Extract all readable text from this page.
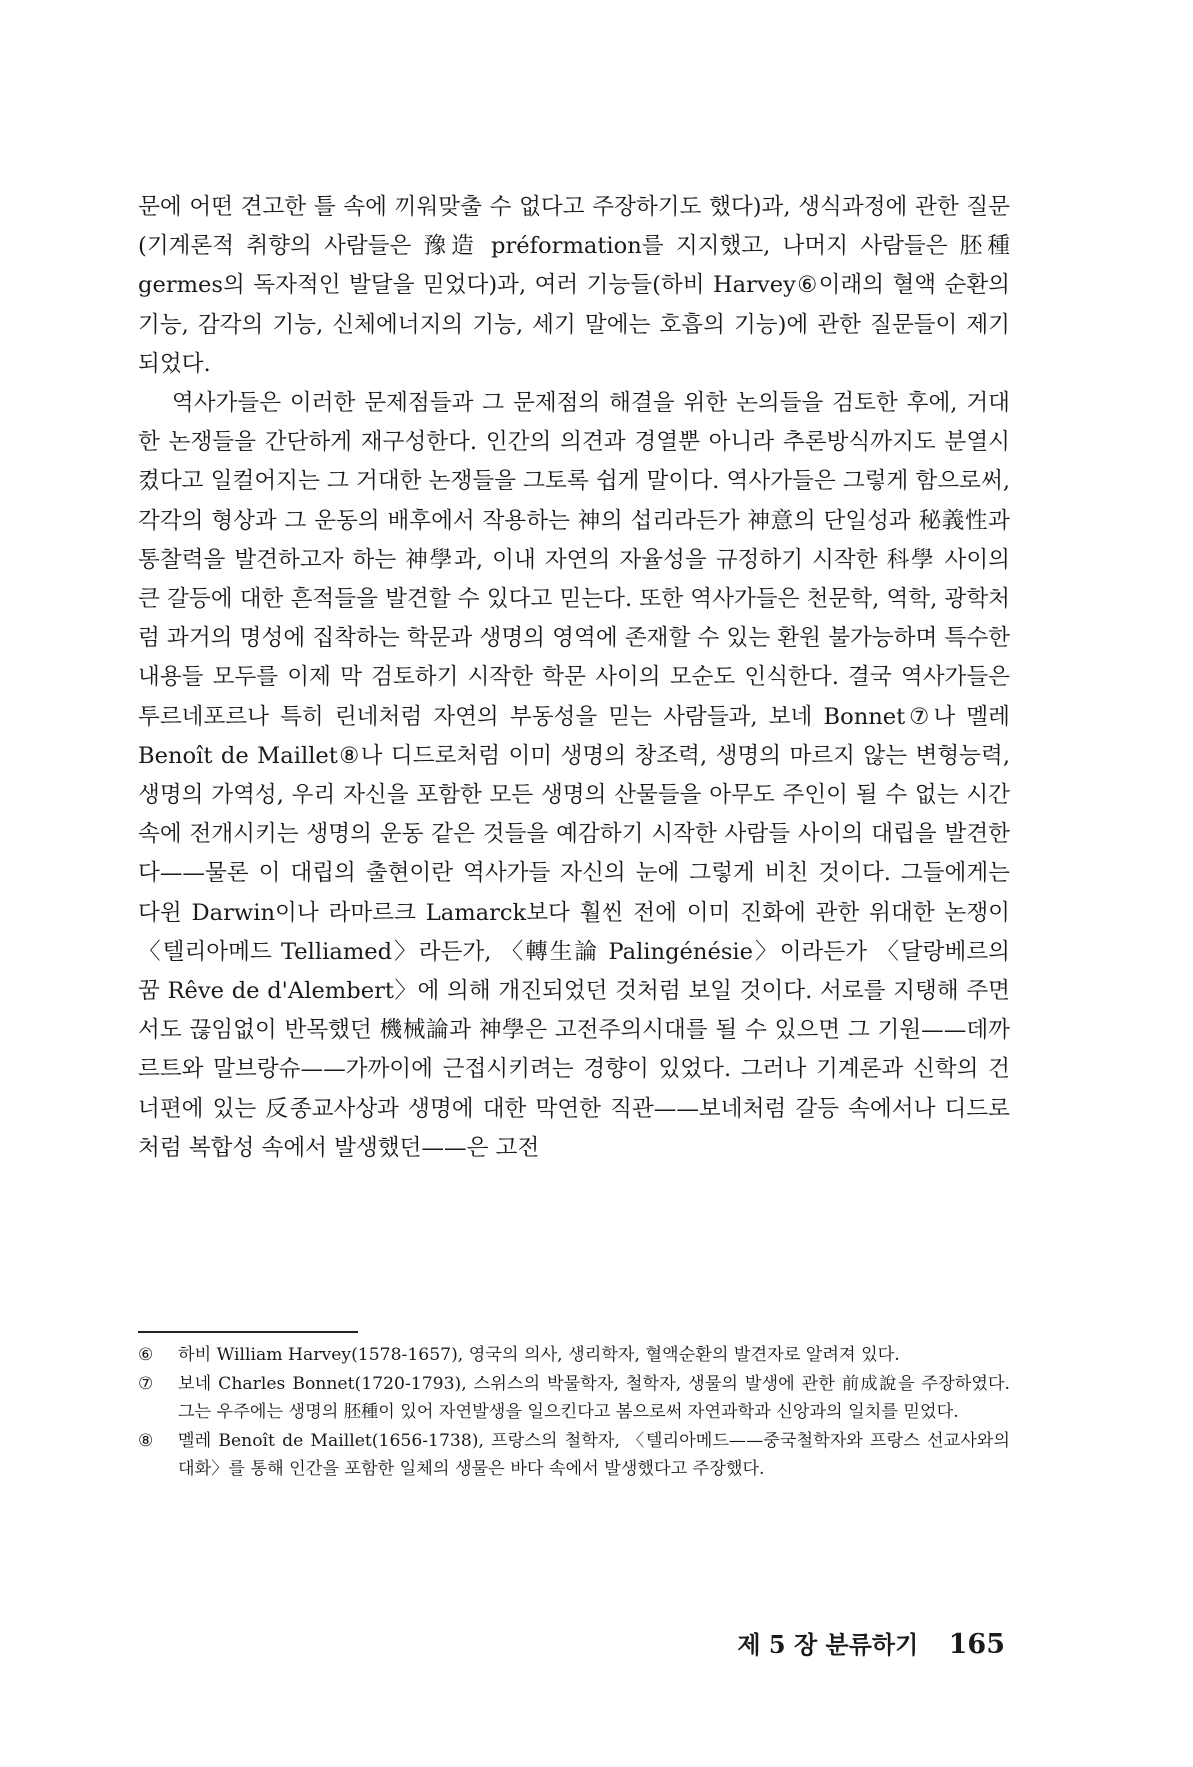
문에 어떤 견고한 틀 속에 끼워맞출 수 없다고 주장하기도 했다)과, 생식과정에 관한 질문(기계론적 취향의 사람들은 豫造 préformation를 지지했고, 나머지 사람들은 胚種 germes의 독자적인 발달을 믿었다)과, 여러 기능들(하비 Harvey⑥이래의 혈액 순환의 기능, 감각의 기능, 신체에너지의 기능, 세기 말에는 호흡의 기능)에 관한 질문들이 제기되었다.

역사가들은 이러한 문제점들과 그 문제점의 해결을 위한 논의들을 검토한 후에, 거대한 논쟁들을 간단하게 재구성한다. 인간의 의견과 경열뿐 아니라 추론방식까지도 분열시켰다고 일컬어지는 그 거대한 논쟁들을 그토록 쉽게 말이다. 역사가들은 그렇게 함으로써, 각각의 형상과 그 운동의 배후에서 작용하는 神의 섭리라든가 神意의 단일성과 秘義性과 통찰력을 발견하고자 하는 神學과, 이내 자연의 자율성을 규정하기 시작한 科學 사이의 큰 갈등에 대한 흔적들을 발견할 수 있다고 믿는다. 또한 역사가들은 천문학, 역학, 광학처럼 과거의 명성에 집착하는 학문과 생명의 영역에 존재할 수 있는 환원 불가능하며 특수한 내용들 모두를 이제 막 검토하기 시작한 학문 사이의 모순도 인식한다. 결국 역사가들은 투르네포르나 특히 린네처럼 자연의 부동성을 믿는 사람들과, 보네 Bonnet⑦나 멜레 Benoît de Maillet⑧나 디드로처럼 이미 생명의 창조력, 생명의 마르지 않는 변형능력, 생명의 가역성, 우리 자신을 포함한 모든 생명의 산물들을 아무도 주인이 될 수 없는 시간 속에 전개시키는 생명의 운동 같은 것들을 예감하기 시작한 사람들 사이의 대립을 발견한다——물론 이 대립의 출현이란 역사가들 자신의 눈에 그렇게 비친 것이다. 그들에게는 다윈 Darwin이나 라마르크 Lamarck보다 훨씬 전에 이미 진화에 관한 위대한 논쟁이 〈텔리아메드 Telliamed〉라든가, 〈轉生論 Palingénésie〉이라든가 〈달랑베르의 꿈 Rêve de d'Alembert〉에 의해 개진되었던 것처럼 보일 것이다. 서로를 지탱해 주면서도 끊임없이 반목했던 機械論과 神學은 고전주의시대를 될 수 있으면 그 기원——데까르트와 말브랑슈——가까이에 근접시키려는 경향이 있었다. 그러나 기계론과 신학의 건너편에 있는 反종교사상과 생명에 대한 막연한 직관——보네처럼 갈등 속에서나 디드로처럼 복합성 속에서 발생했던——은 고전

⑥	하비 William Harvey(1578-1657), 영국의 의사, 생리학자, 혈액순환의 발견자로 알려져 있다.
⑦	보네 Charles Bonnet(1720-1793), 스위스의 박물학자, 철학자, 생물의 발생에 관한 前成說을 주장하였다. 그는 우주에는 생명의 胚種이 있어 자연발생을 일으킨다고 봄으로써 자연과학과 신앙과의 일치를 믿었다.
⑧	멜레 Benoît de Maillet(1656-1738), 프랑스의 철학자, 〈텔리아메드——중국철학자와 프랑스 선교사와의 대화〉를 통해 인간을 포함한 일체의 생물은 바다 속에서 발생했다고 주장했다.
제 5 장 분류하기 165
